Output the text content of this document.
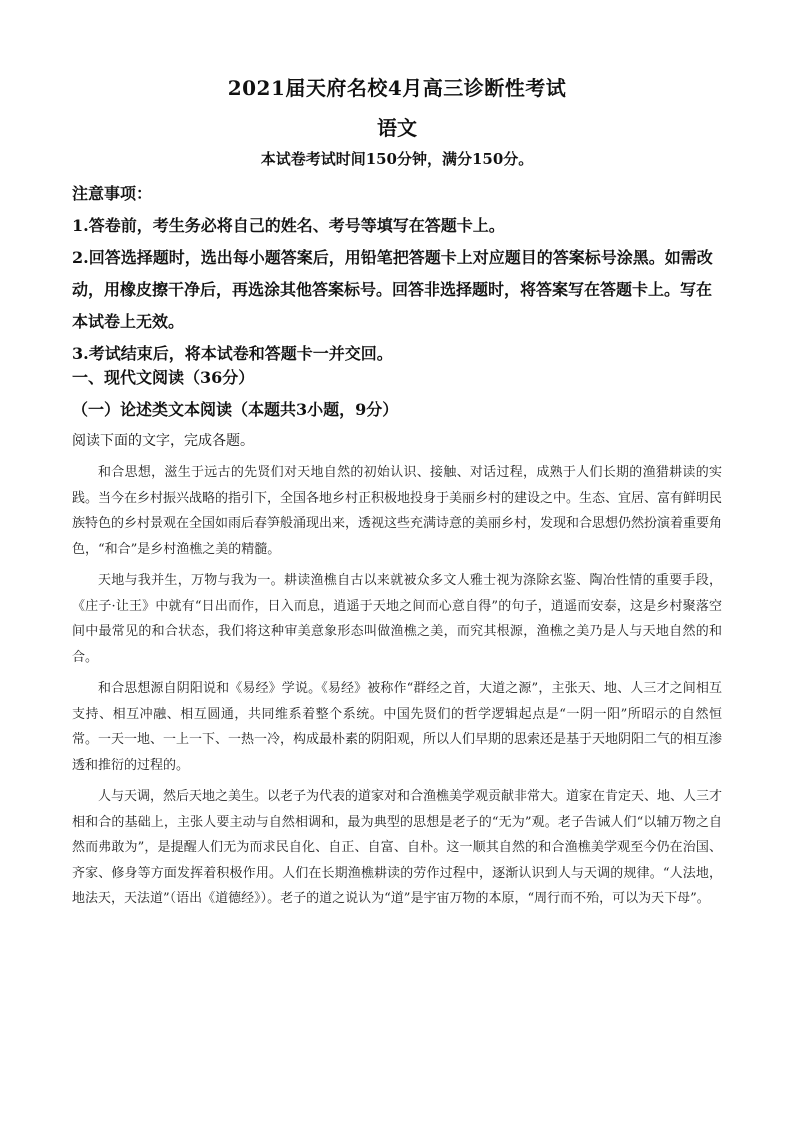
2021届天府名校4月高三诊断性考试
语文
本试卷考试时间150分钟，满分150分。
注意事项：

1.答卷前，考生务必将自己的姓名、考号等填写在答题卡上。

2.回答选择题时，选出每小题答案后，用铅笔把答题卡上对应题目的答案标号涂黑。如需改动，用橡皮擦干净后，再选涂其他答案标号。回答非选择题时，将答案写在答题卡上。写在本试卷上无效。

3.考试结束后，将本试卷和答题卡一并交回。

一、现代文阅读（36分）
（一）论述类文本阅读（本题共3小题，9分）
阅读下面的文字，完成各题。

和合思想，滋生于远古的先贤们对天地自然的初始认识、接触、对话过程，成熟于人们长期的渔猎耕读的实践。当今在乡村振兴战略的指引下，全国各地乡村正积极地投身于美丽乡村的建设之中。生态、宜居、富有鲜明民族特色的乡村景观在全国如雨后春笋般涌现出来，透视这些充满诗意的美丽乡村，发现和合思想仍然扮演着重要角色，“和合”是乡村渔樵之美的精髓。

天地与我并生，万物与我为一。耕读渔樵自古以来就被众多文人雅士视为涤除玄鉴、陶冶性情的重要手段，《庄子·让王》中就有“日出而作，日入而息，逍遥于天地之间而心意自得”的句子，逍遥而安泰，这是乡村聚落空间中最常见的和合状态，我们将这种审美意象形态叫做渔樵之美，而究其根源，渔樵之美乃是人与天地自然的和合。

和合思想源自阴阳说和《易经》学说。《易经》被称作“群经之首，大道之源”，主张天、地、人三才之间相互支持、相互冲融、相互圆通，共同维系着整个系统。中国先贤们的哲学逻辑起点是“一阴一阳”所昭示的自然恒常。一天一地、一上一下、一热一冷，构成最朴素的阴阳观，所以人们早期的思索还是基于天地阴阳二气的相互渗透和推衍的过程的。

人与天调，然后天地之美生。以老子为代表的道家对和合渔樵美学观贡献非常大。道家在肯定天、地、人三才相和合的基础上，主张人要主动与自然相调和，最为典型的思想是老子的“无为”观。老子告诫人们“以辅万物之自然而弗敢为”，是提醒人们无为而求民自化、自正、自富、自朴。这一顺其自然的和合渔樵美学观至今仍在治国、齐家、修身等方面发挥着积极作用。人们在长期渔樵耕读的劳作过程中，逐渐认识到人与天调的规律。“人法地，地法天，天法道”（语出《道德经》）。老子的道之说认为“道”是宇宙万物的本原，“周行而不殆，可以为天下母”。
